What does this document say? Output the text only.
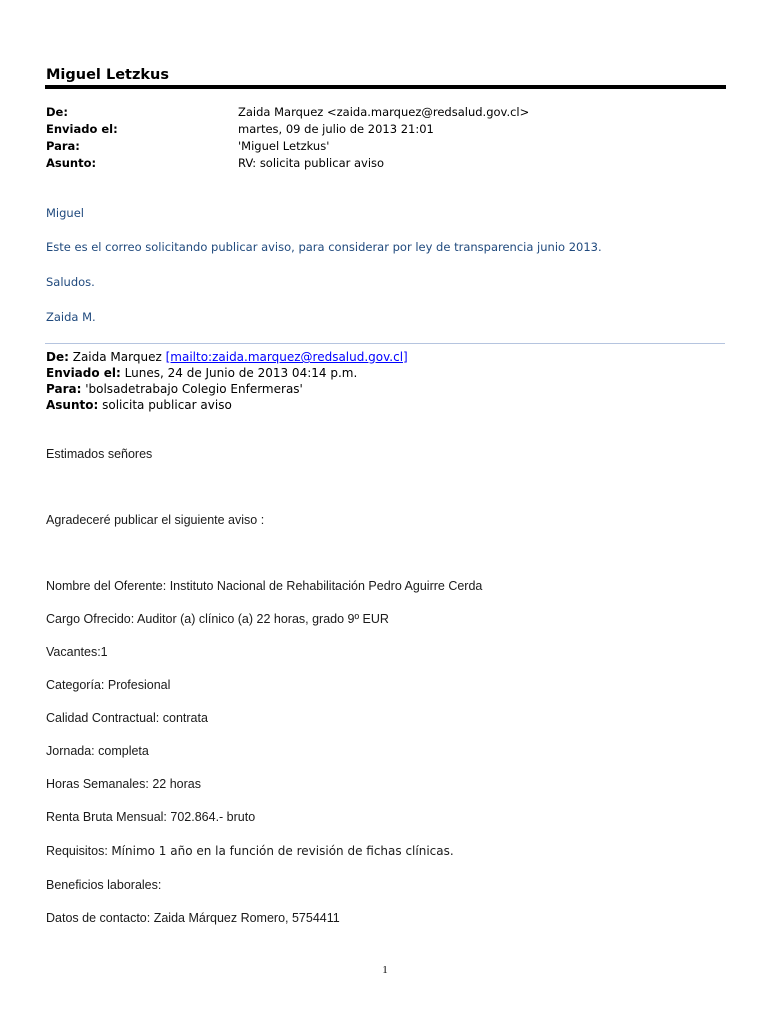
Miguel Letzkus
De:	Zaida Marquez <zaida.marquez@redsalud.gov.cl>
Enviado el:	martes, 09 de julio de 2013 21:01
Para:	'Miguel Letzkus'
Asunto:	RV: solicita publicar aviso
Miguel
Este es el correo solicitando publicar aviso, para considerar por ley de transparencia junio 2013.
Saludos.
Zaida M.
De: Zaida Marquez [mailto:zaida.marquez@redsalud.gov.cl]
Enviado el: Lunes, 24 de Junio de 2013 04:14 p.m.
Para: 'bolsadetrabajo Colegio Enfermeras'
Asunto: solicita publicar aviso
Estimados señores
Agradeceré publicar el siguiente aviso :
Nombre del Oferente: Instituto Nacional de Rehabilitación Pedro Aguirre Cerda
Cargo Ofrecido: Auditor (a) clínico (a) 22 horas, grado 9º EUR
Vacantes:1
Categoría: Profesional
Calidad Contractual: contrata
Jornada: completa
Horas Semanales: 22 horas
Renta Bruta Mensual: 702.864.- bruto
Requisitos: Mínimo 1 año en la función de revisión de fichas clínicas.
Beneficios laborales:
Datos de contacto: Zaida Márquez Romero, 5754411
1
